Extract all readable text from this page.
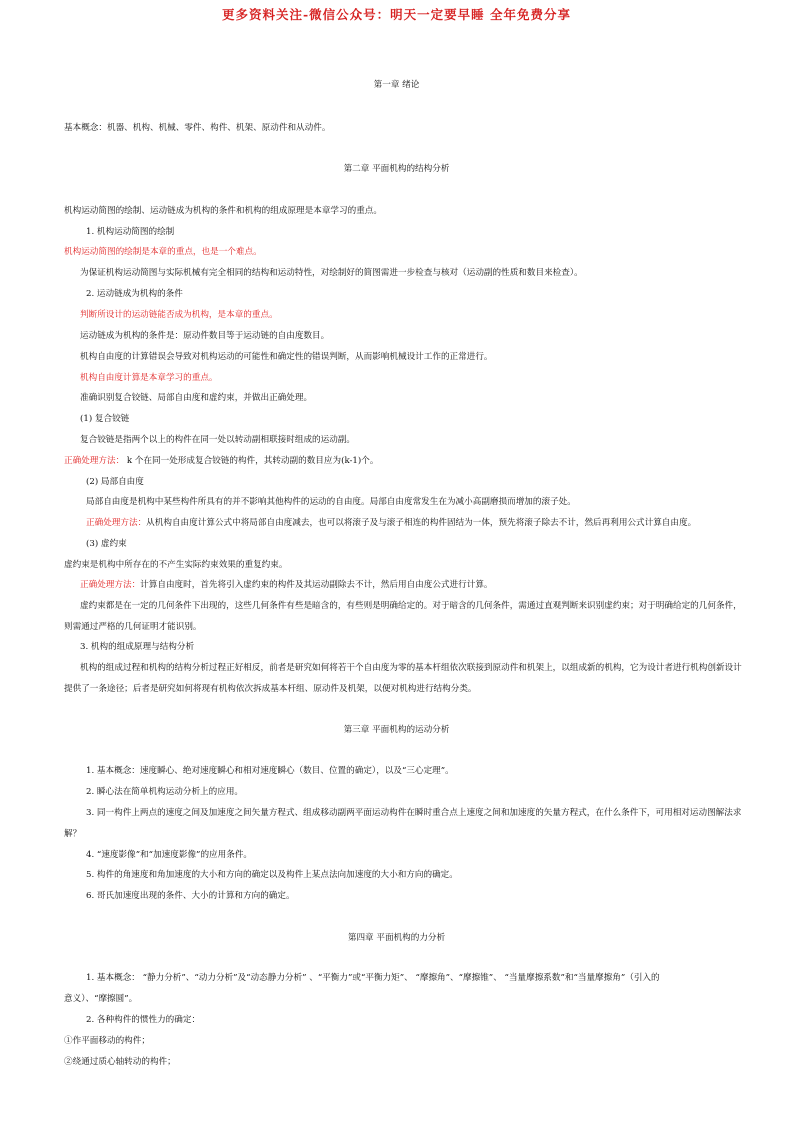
更多资料关注-微信公众号：明天一定要早睡 全年免费分享
第一章 绪论
基本概念：机器、机构、机械、零件、构件、机架、原动件和从动件。
第二章 平面机构的结构分析
机构运动简图的绘制、运动链成为机构的条件和机构的组成原理是本章学习的重点。
1. 机构运动简图的绘制
机构运动简图的绘制是本章的重点，也是一个难点。
为保证机构运动简图与实际机械有完全相同的结构和运动特性，对绘制好的简图需进一步检查与核对（运动副的性质和数目来检查）。
2. 运动链成为机构的条件
判断所设计的运动链能否成为机构，是本章的重点。
运动链成为机构的条件是：原动件数目等于运动链的自由度数目。
机构自由度的计算错误会导致对机构运动的可能性和确定性的错误判断，从而影响机械设计工作的正常进行。
机构自由度计算是本章学习的重点。
准确识别复合铰链、局部自由度和虚约束，并做出正确处理。
(1) 复合铰链
复合铰链是指两个以上的构件在同一处以转动副相联接时组成的运动副。
正确处理方法： k 个在同一处形成复合铰链的构件，其转动副的数目应为(k-1)个。
(2) 局部自由度
局部自由度是机构中某些构件所具有的并不影响其他构件的运动的自由度。局部自由度常发生在为减小高副磨损而增加的滚子处。
正确处理方法：从机构自由度计算公式中将局部自由度减去，也可以将滚子及与滚子相连的构件固结为一体，预先将滚子除去不计，然后再利用公式计算自由度。
(3) 虚约束
虚约束是机构中所存在的不产生实际约束效果的重复约束。
正确处理方法：计算自由度时，首先将引入虚约束的构件及其运动副除去不计，然后用自由度公式进行计算。
虚约束都是在一定的几何条件下出现的，这些几何条件有些是暗含的，有些则是明确给定的。对于暗含的几何条件，需通过直观判断来识别虚约束；对于明确给定的几何条件，
则需通过严格的几何证明才能识别。
3. 机构的组成原理与结构分析
机构的组成过程和机构的结构分析过程正好相反，前者是研究如何将若干个自由度为零的基本杆组依次联接到原动件和机架上，以组成新的机构，它为设计者进行机构创新设计
提供了一条途径；后者是研究如何将现有机构依次拆成基本杆组、原动件及机架，以便对机构进行结构分类。
第三章 平面机构的运动分析
1. 基本概念：速度瞬心、绝对速度瞬心和相对速度瞬心（数目、位置的确定），以及“三心定理”。
2. 瞬心法在简单机构运动分析上的应用。
3. 同一构件上两点的速度之间及加速度之间矢量方程式、组成移动副两平面运动构件在瞬时重合点上速度之间和加速度的矢量方程式，在什么条件下，可用相对运动图解法求
解？
4. “速度影像”和“加速度影像”的应用条件。
5. 构件的角速度和角加速度的大小和方向的确定以及构件上某点法向加速度的大小和方向的确定。
6. 哥氏加速度出现的条件、大小的计算和方向的确定。
第四章 平面机构的力分析
1. 基本概念： “静力分析”、“动力分析”及“动态静力分析” 、“平衡力”或“平衡力矩”、 “摩擦角”、“摩擦锥”、 “当量摩擦系数”和“当量摩擦角”（引入的
意义）、“摩擦圆”。
2. 各种构件的惯性力的确定：
①作平面移动的构件；
②绕通过质心轴转动的构件；
